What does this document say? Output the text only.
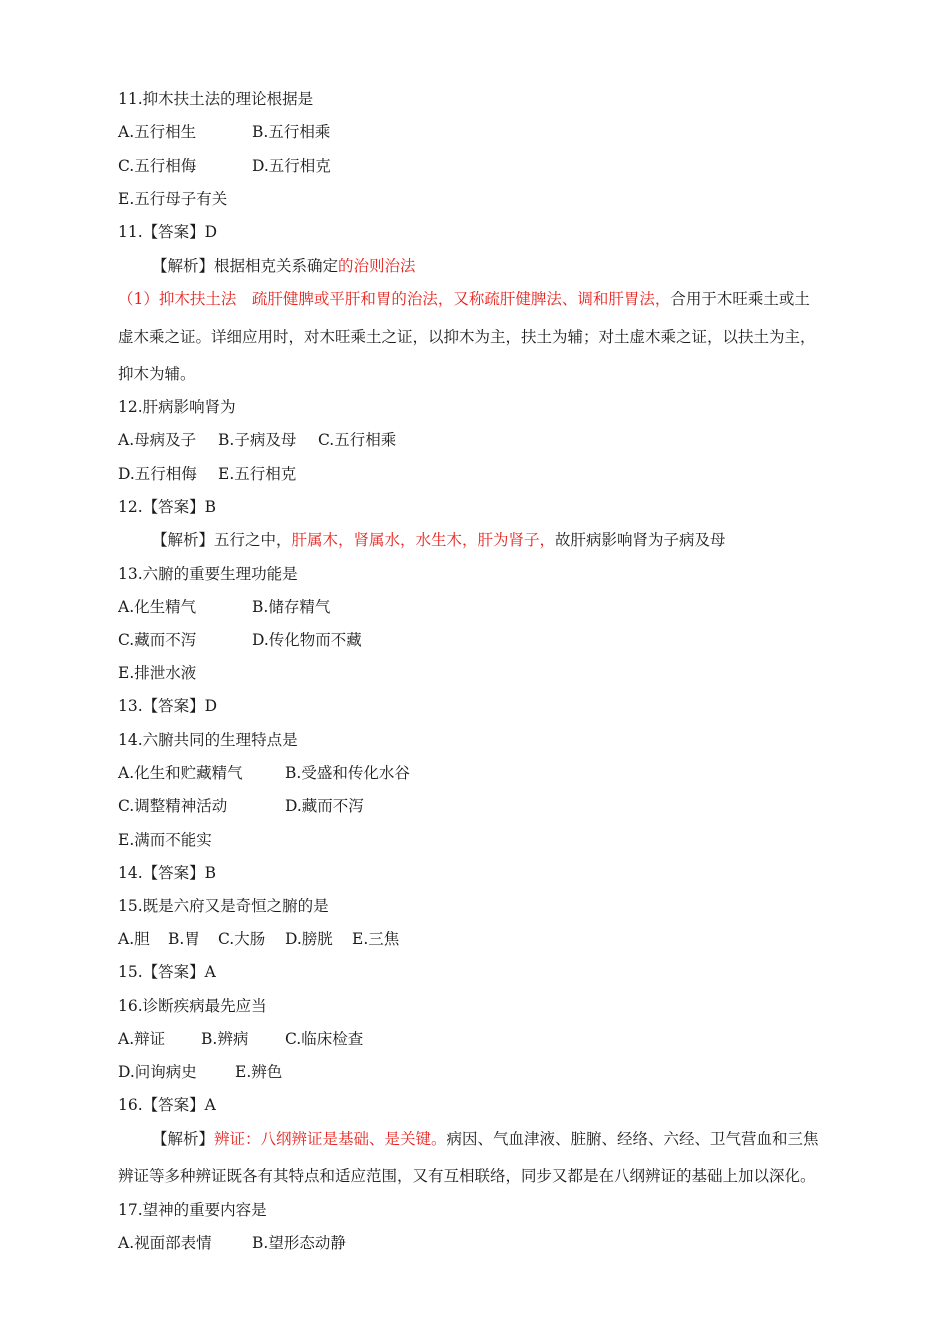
11.抑木扶土法的理论根据是
A.五行相生	B.五行相乘
C.五行相侮	D.五行相克
E.五行母子有关
11.【答案】D
【解析】根据相克关系确定的治则治法
（1）抑木扶土法　疏肝健脾或平肝和胃的治法，又称疏肝健脾法、调和肝胃法，合用于木旺乘土或土
虚木乘之证。详细应用时，对木旺乘土之证，以抑木为主，扶土为辅；对土虚木乘之证，以扶土为主，
抑木为辅。
12.肝病影响肾为
A.母病及子 B.子病及母 C.五行相乘
D.五行相侮 E.五行相克
12.【答案】B
【解析】五行之中，肝属木，肾属水，水生木，肝为肾子，故肝病影响肾为子病及母
13.六腑的重要生理功能是
A.化生精气	B.储存精气
C.藏而不泻	D.传化物而不藏
E.排泄水液
13.【答案】D
14.六腑共同的生理特点是
A.化生和贮藏精气	B.受盛和传化水谷
C.调整精神活动	D.藏而不泻
E.满而不能实
14.【答案】B
15.既是六府又是奇恒之腑的是
A.胆 B.胃 C.大肠 D.膀胱 E.三焦
15.【答案】A
16.诊断疾病最先应当
A.辩证 B.辨病 C.临床检查
D.问询病史 E.辨色
16.【答案】A
【解析】辨证：八纲辨证是基础、是关键。病因、气血津液、脏腑、经络、六经、卫气营血和三焦
辨证等多种辨证既各有其特点和适应范围，又有互相联络，同步又都是在八纲辨证的基础上加以深化。
17.望神的重要内容是
A.视面部表情	B.望形态动静
